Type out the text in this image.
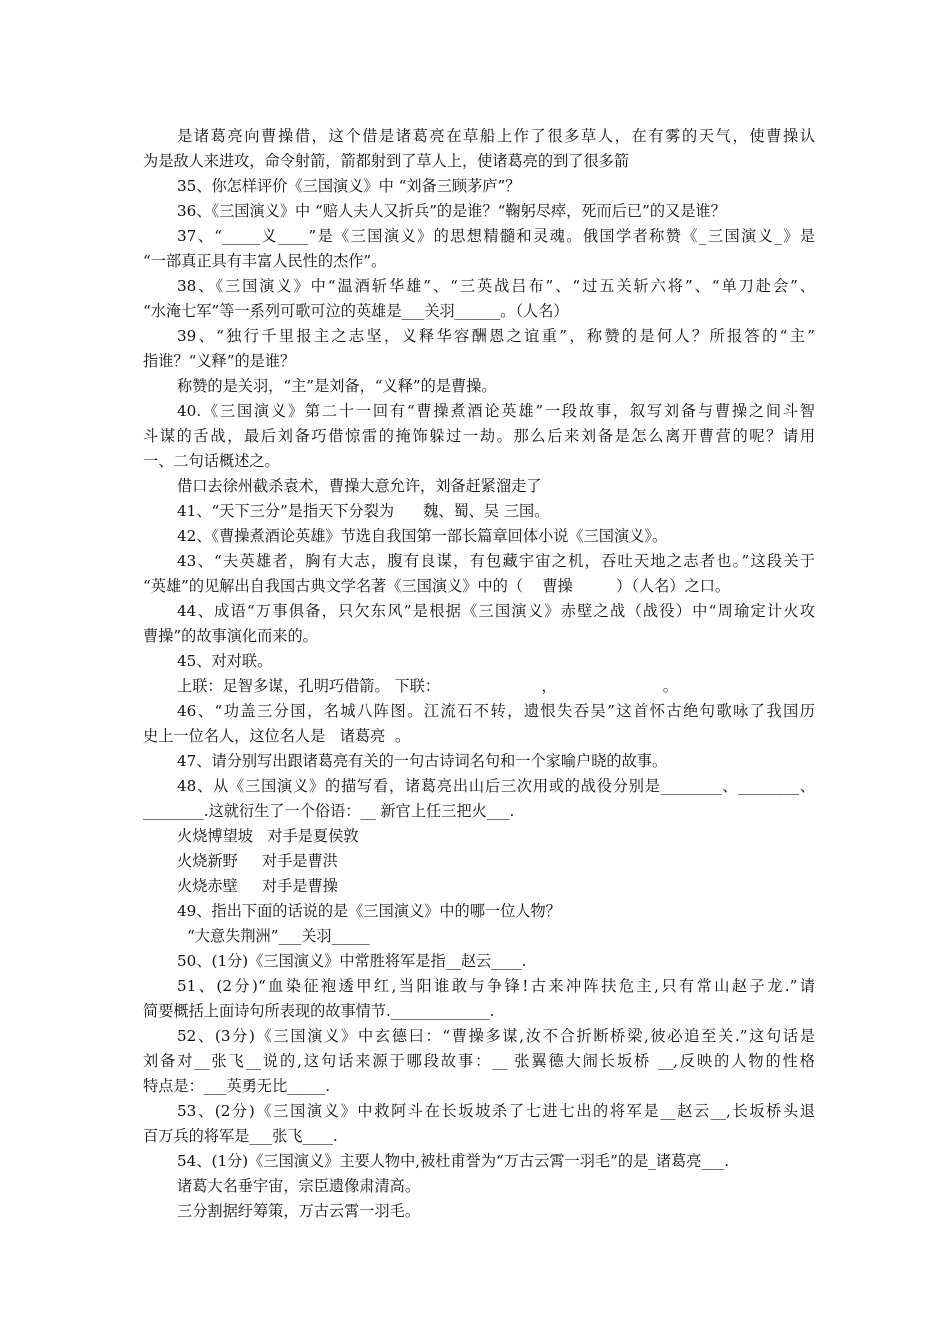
是诸葛亮向曹操借，这个借是诸葛亮在草船上作了很多草人，在有雾的天气，使曹操认
为是敌人来进攻，命令射箭，箭都射到了草人上，使诸葛亮的到了很多箭
35、你怎样评价《三国演义》中 “刘备三顾茅庐”？
36、《三国演义》中 “赔人夫人又折兵”的是谁？“鞠躬尽瘁，死而后已”的又是谁？
37、“_____义____”是《三国演义》的思想精髓和灵魂。俄国学者称赞《_三国演义_》是
“一部真正具有丰富人民性的杰作”。
38、《三国演义》中“温酒斩华雄”、“三英战吕布”、“过五关斩六将”、“单刀赴会”、
“水淹七军”等一系列可歌可泣的英雄是___关羽______。（人名）
39、“独行千里报主之志坚，义释华容酬恩之谊重”，称赞的是何人？所报答的“主”
指谁？“义释”的是谁？
称赞的是关羽，“主”是刘备，“义释”的是曹操。
40.《三国演义》第二十一回有“曹操煮酒论英雄”一段故事，叙写刘备与曹操之间斗智
斗谋的舌战，最后刘备巧借惊雷的掩饰躲过一劫。那么后来刘备是怎么离开曹营的呢？请用
一、二句话概述之。
借口去徐州截杀袁术，曹操大意允许，刘备赶紧溜走了
41、“天下三分”是指天下分裂为      魏、蜀、吴 三国。
42、《曹操煮酒论英雄》节选自我国第一部长篇章回体小说《三国演义》。
43、“夫英雄者，胸有大志，腹有良谋，有包藏宇宙之机，吞吐天地之志者也。”这段关于
“英雄”的见解出自我国古典文学名著《三国演义》中的（    曹操         ）（人名）之口。
44、成语“万事俱备，只欠东风”是根据《三国演义》赤壁之战（战役）中“周瑜定计火攻
曹操”的故事演化而来的。
45、对对联。
上联：足智多谋，孔明巧借箭。 下联：                     ，                      。
46、“功盖三分国，名城八阵图。江流石不转，遗恨失吞吴”这首怀古绝句歌咏了我国历
史上一位名人，这位名人是   诸葛亮  。
47、请分别写出跟诸葛亮有关的一句古诗词名句和一个家喻户晓的故事。
48、从《三国演义》的描写看，诸葛亮出山后三次用或的战役分别是________、________、
________.这就衍生了一个俗语：__ 新官上任三把火___.
火烧博望坡   对手是夏侯敦
火烧新野     对手是曹洪
火烧赤壁     对手是曹操
49、指出下面的话说的是《三国演义》中的哪一位人物？
“大意失荆洲”___关羽_____
50、(1分)《三国演义》中常胜将军是指__赵云____.
51、(2分)“血染征袍透甲红,当阳谁敢与争锋!古来冲阵扶危主,只有常山赵子龙.”请
简要概括上面诗句所表现的故事情节._____________.
52、(3分)《三国演义》中玄德曰：“曹操多谋,汝不合折断桥梁,彼必追至关.”这句话是
刘备对__张飞__说的,这句话来源于哪段故事：__ 张翼德大闹长坂桥 __,反映的人物的性格
特点是：___英勇无比_____.
53、(2分)《三国演义》中救阿斗在长坂坡杀了七进七出的将军是__赵云__,长坂桥头退
百万兵的将军是___张飞____.
54、(1分)《三国演义》主要人物中,被杜甫誉为“万古云霄一羽毛”的是_诸葛亮___.
诸葛大名垂宇宙，宗臣遗像肃清高。
三分割据纡筹策，万古云霄一羽毛。
